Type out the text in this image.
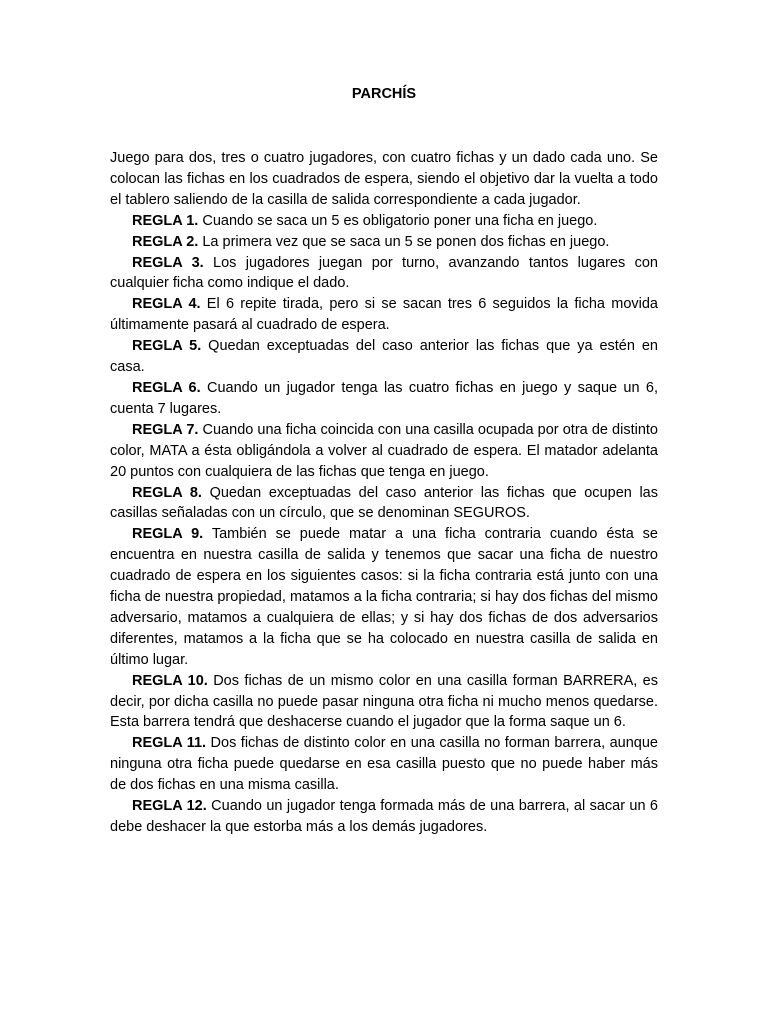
PARCHÍS

Juego para dos, tres o cuatro jugadores, con cuatro fichas y un dado cada uno. Se colocan las fichas en los cuadrados de espera, siendo el objetivo dar la vuelta a todo el tablero saliendo de la casilla de salida correspondiente a cada jugador.

REGLA 1. Cuando se saca un 5 es obligatorio poner una ficha en juego.

REGLA 2. La primera vez que se saca un 5 se ponen dos fichas en juego.

REGLA 3. Los jugadores juegan por turno, avanzando tantos lugares con cualquier ficha como indique el dado.

REGLA 4. El 6 repite tirada, pero si se sacan tres 6 seguidos la ficha movida últimamente pasará al cuadrado de espera.

REGLA 5. Quedan exceptuadas del caso anterior las fichas que ya estén en casa.

REGLA 6. Cuando un jugador tenga las cuatro fichas en juego y saque un 6, cuenta 7 lugares.

REGLA 7. Cuando una ficha coincida con una casilla ocupada por otra de distinto color, MATA a ésta obligándola a volver al cuadrado de espera. El matador adelanta 20 puntos con cualquiera de las fichas que tenga en juego.

REGLA 8. Quedan exceptuadas del caso anterior las fichas que ocupen las casillas señaladas con un círculo, que se denominan SEGUROS.

REGLA 9. También se puede matar a una ficha contraria cuando ésta se encuentra en nuestra casilla de salida y tenemos que sacar una ficha de nuestro cuadrado de espera en los siguientes casos: si la ficha contraria está junto con una ficha de nuestra propiedad, matamos a la ficha contraria; si hay dos fichas del mismo adversario, matamos a cualquiera de ellas; y si hay dos fichas de dos adversarios diferentes, matamos a la ficha que se ha colocado en nuestra casilla de salida en último lugar.

REGLA 10. Dos fichas de un mismo color en una casilla forman BARRERA, es decir, por dicha casilla no puede pasar ninguna otra ficha ni mucho menos quedarse. Esta barrera tendrá que deshacerse cuando el jugador que la forma saque un 6.

REGLA 11. Dos fichas de distinto color en una casilla no forman barrera, aunque ninguna otra ficha puede quedarse en esa casilla puesto que no puede haber más de dos fichas en una misma casilla.

REGLA 12. Cuando un jugador tenga formada más de una barrera, al sacar un 6 debe deshacer la que estorba más a los demás jugadores.
